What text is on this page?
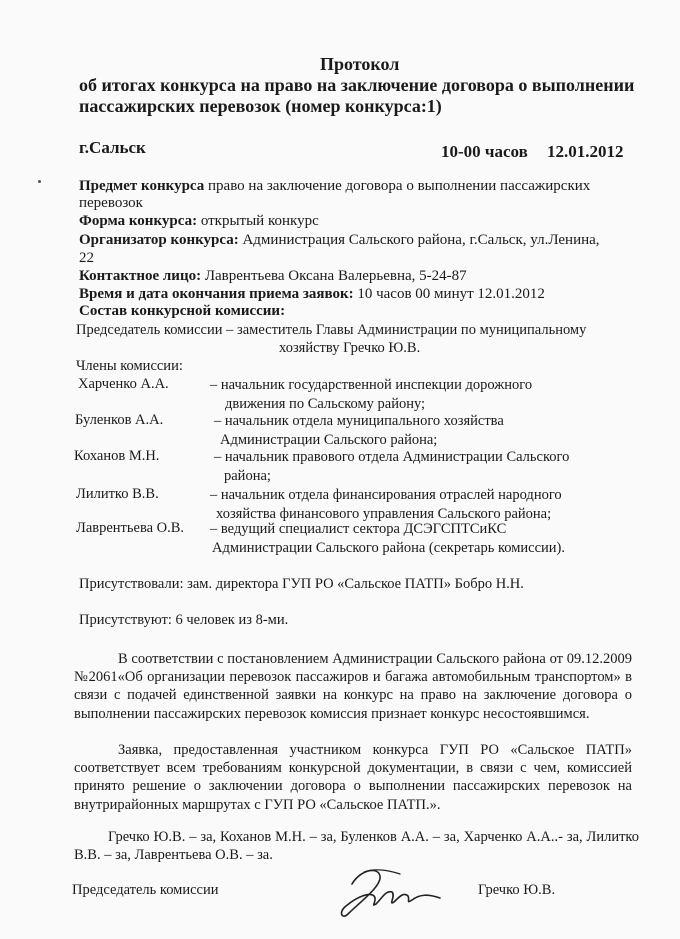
Протокол
об итогах конкурса на право на заключение договора о выполнении
пассажирских перевозок (номер конкурса:1)
г.Сальск	10-00 часов 12.01.2012
Предмет конкурса право на заключение договора о выполнении пассажирских
перевозок
Форма конкурса: открытый конкурс
Организатор конкурса: Администрация Сальского района, г.Сальск, ул.Ленина,
22
Контактное лицо: Лаврентьева Оксана Валерьевна, 5-24-87
Время и дата окончания приема заявок: 10 часов 00 минут 12.01.2012
Состав конкурсной комиссии:
Председатель комиссии – заместитель Главы Администрации по муниципальному
хозяйству Гречко Ю.В.
Члены комиссии:
Харченко А.А.	– начальник государственной инспекции дорожного
движения по Сальскому району;
Буленков А.А.	– начальник отдела муниципального хозяйства
Администрации Сальского района;
Коханов М.Н.	– начальник правового отдела Администрации Сальского
района;
Лилитко В.В.	– начальник отдела финансирования отраслей народного
хозяйства финансового управления Сальского района;
Лаврентьева О.В. – ведущий специалист сектора ДСЭГСПТСиКС
Администрации Сальского района (секретарь комиссии).
Присутствовали: зам. директора ГУП РО «Сальское ПАТП» Бобро Н.Н.
Присутствуют: 6 человек из 8-ми.
В соответствии с постановлением Администрации Сальского района от 09.12.2009 №2061«Об организации перевозок пассажиров и багажа автомобильным транспортом» в связи с подачей единственной заявки на конкурс на право на заключение договора о выполнении пассажирских перевозок комиссия признает конкурс несостоявшимся.
Заявка, предоставленная участником конкурса ГУП РО «Сальское ПАТП» соответствует всем требованиям конкурсной документации, в связи с чем, комиссией принято решение о заключении договора о выполнении пассажирских перевозок на внутрирайонных маршрутах с ГУП РО «Сальское ПАТП.».
Гречко Ю.В. – за, Коханов М.Н. – за, Буленков А.А. – за, Харченко А.А..- за, Лилитко В.В. – за, Лаврентьева О.В. – за.
Председатель комиссии	Гречко Ю.В.
